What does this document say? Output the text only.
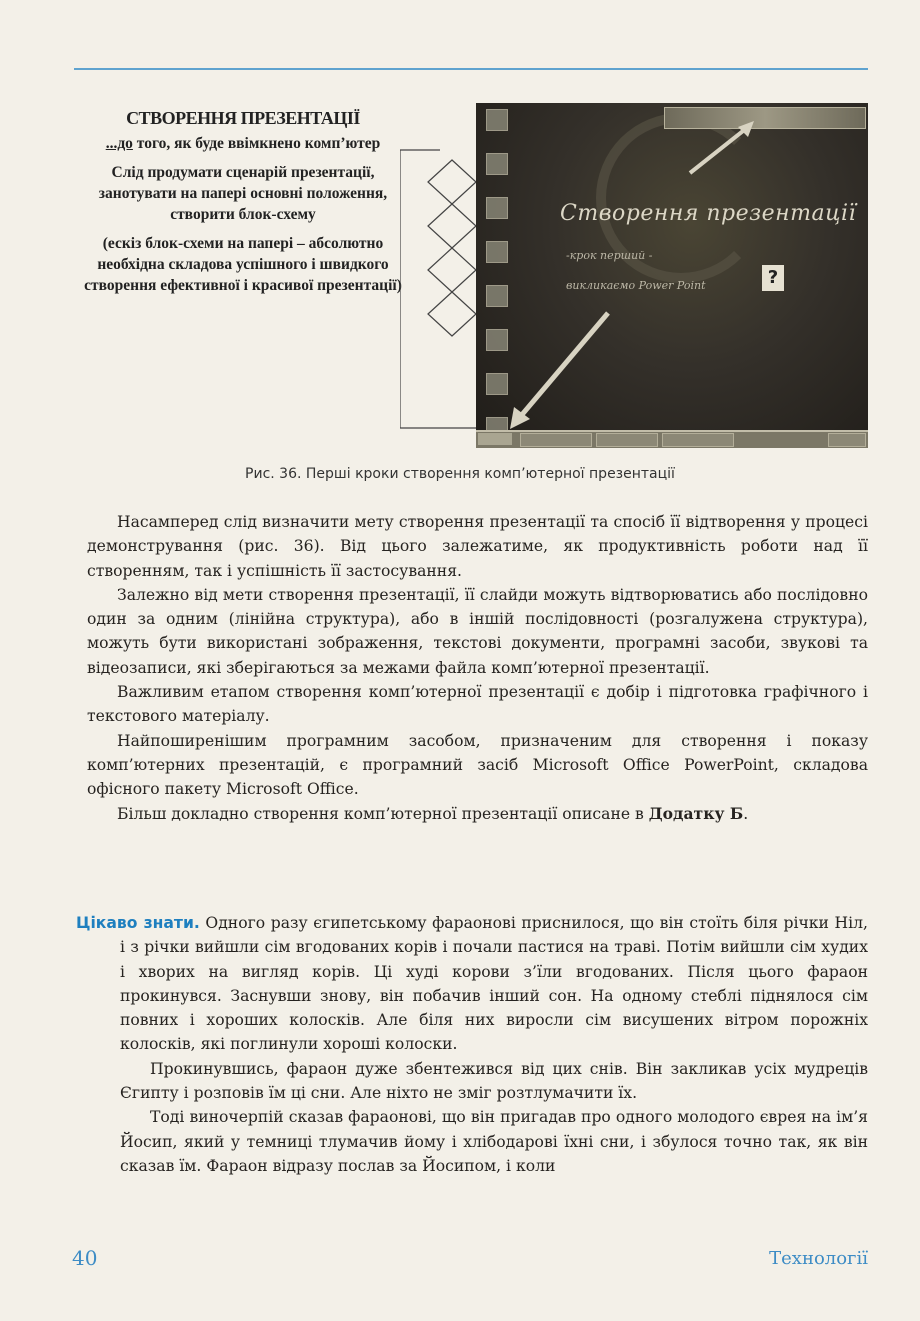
СТВОРЕННЯ ПРЕЗЕНТАЦІЇ

...до того, як буде ввімкнено комп’ютер

Слід продумати сценарій презентації, занотувати на папері основні положення, створити блок-схему

(ескіз блок-схеми на папері – абсолютно необхідна складова успішного і швидкого створення ефективної і красивої презентації)

Створення презентації
-крок перший -
викликаємо Power Point	?
Рис. 36. Перші кроки створення комп’ютерної презентації

Насамперед слід визначити мету створення презентації та спосіб її відтворення у процесі демонстрування (рис. 36). Від цього залежатиме, як продуктивність роботи над її створенням, так і успішність її застосування.

Залежно від мети створення презентації, її слайди можуть відтворюватись або послідовно один за одним (лінійна структура), або в іншій послідовності (розгалужена структура), можуть бути використані зображення, текстові документи, програмні засоби, звукові та відеозаписи, які зберігаються за межами файла комп’ютерної презентації.

Важливим етапом створення комп’ютерної презентації є добір і підготовка графічного і текстового матеріалу.

Найпоширенішим програмним засобом, призначеним для створення і показу комп’ютерних презентацій, є програмний засіб Microsoft Office PowerPoint, складова офісного пакету Microsoft Office.

Більш докладно створення комп’ютерної презентації описане в Додатку Б.

Цікаво знати. Одного разу єгипетському фараонові приснилося, що він стоїть біля річки Ніл, і з річки вийшли сім вгодованих корів і почали пастися на траві. Потім вийшли сім худих і хворих на вигляд корів. Ці худі корови з’їли вгодованих. Після цього фараон прокинувся. Заснувши знову, він побачив інший сон. На одному стеблі піднялося сім повних і хороших колосків. Але біля них виросли сім висушених вітром порожніх колосків, які поглинули хороші колоски.

Прокинувшись, фараон дуже збентежився від цих снів. Він закликав усіх мудреців Єгипту і розповів їм ці сни. Але ніхто не зміг розтлумачити їх.

Тоді виночерпій сказав фараонові, що він пригадав про одного молодого єврея на ім’я Йосип, який у темниці тлумачив йому і хлібодарові їхні сни, і збулося точно так, як він сказав їм. Фараон відразу послав за Йосипом, і коли

40	Технології
